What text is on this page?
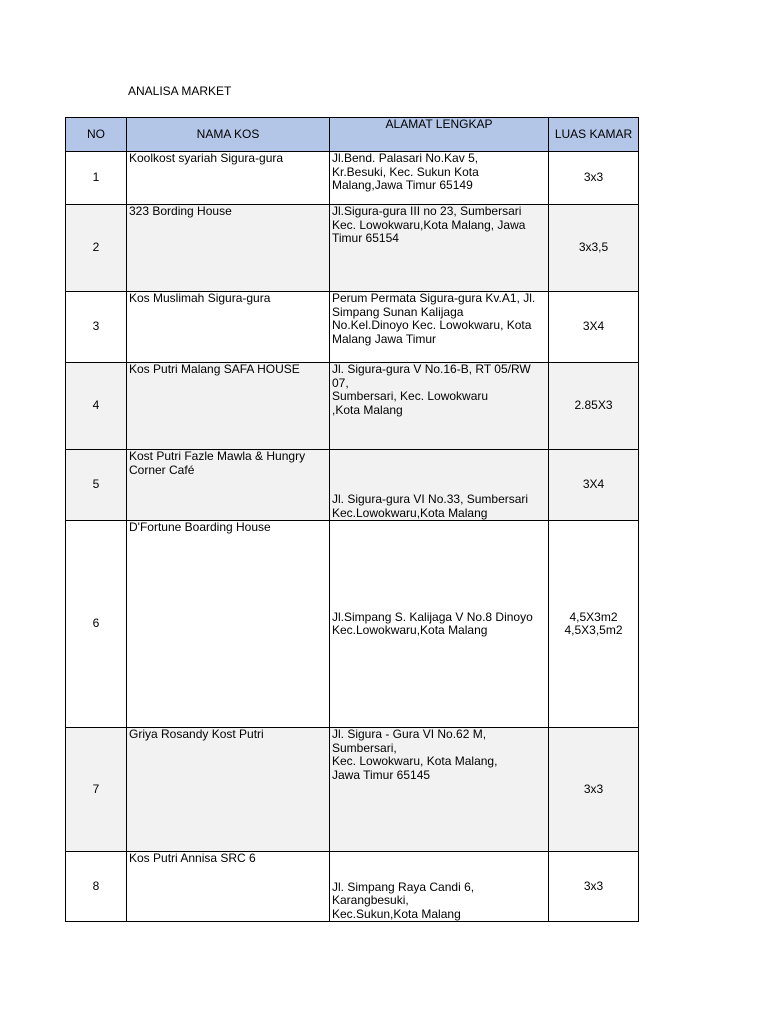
ANALISA MARKET
NO	NAMA KOS	ALAMAT LENGKAP	LUAS KAMAR
1	Koolkost syariah Sigura-gura	Jl.Bend. Palasari No.Kav 5,
Kr.Besuki, Kec. Sukun Kota
Malang,Jawa Timur 65149	3x3
2	323 Bording House	Jl.Sigura-gura III no 23, Sumbersari
Kec. Lowokwaru,Kota Malang, Jawa
Timur 65154	3x3,5
3	Kos Muslimah Sigura-gura	Perum Permata Sigura-gura Kv.A1, Jl.
Simpang Sunan Kalijaga
No.Kel.Dinoyo Kec. Lowokwaru, Kota
Malang Jawa Timur	3X4
4	Kos Putri Malang SAFA HOUSE	Jl. Sigura-gura V No.16-B, RT 05/RW
07,
Sumbersari, Kec. Lowokwaru
,Kota Malang	2.85X3
5	Kost Putri Fazle Mawla & Hungry Corner Café	Jl. Sigura-gura VI No.33, Sumbersari
Kec.Lowokwaru,Kota Malang	3X4
6	D'Fortune Boarding House	Jl.Simpang S. Kalijaga V No.8 Dinoyo
Kec.Lowokwaru,Kota Malang	4,5X3m2
4,5X3,5m2

7	Griya Rosandy Kost Putri	Jl. Sigura - Gura VI No.62 M,
Sumbersari,
Kec. Lowokwaru, Kota Malang,
Jawa Timur 65145	3x3
8	Kos Putri Annisa SRC 6	Jl. Simpang Raya Candi 6,
Karangbesuki,
Kec.Sukun,Kota Malang	3x3
